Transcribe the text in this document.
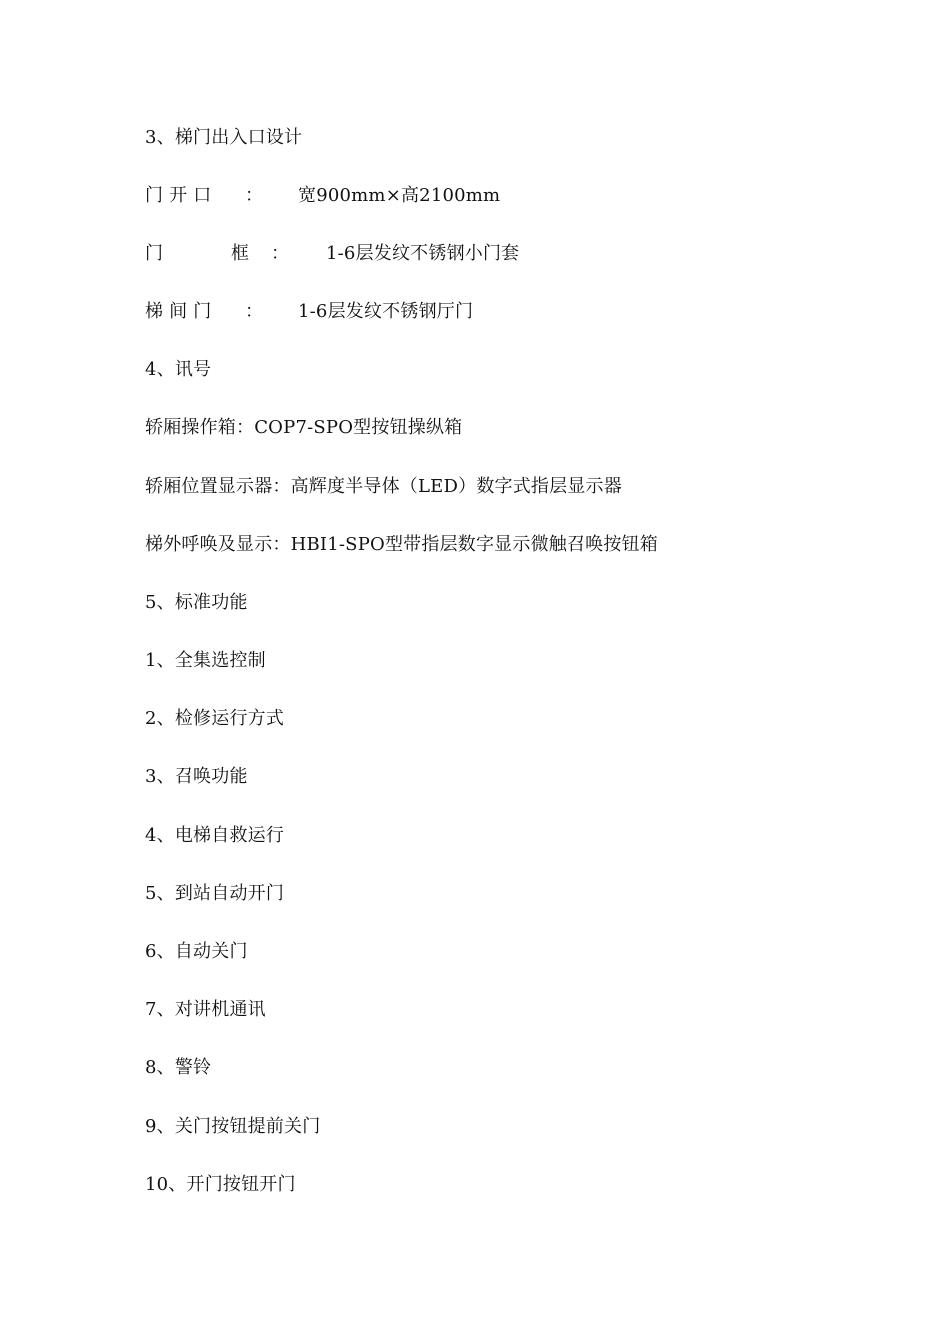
3、梯门出入口设计

门 开 口

：

宽900mm×高2100mm

门

	框

：

1-6层发纹不锈钢小门套

梯 间 门

：

1-6层发纹不锈钢厅门

4、讯号
轿厢操作箱：COP7-SPO型按钮操纵箱
轿厢位置显示器：高辉度半导体（LED）数字式指层显示器
梯外呼唤及显示：HBI1-SPO型带指层数字显示微触召唤按钮箱
5、标准功能
1、全集选控制
2、检修运行方式
3、召唤功能
4、电梯自救运行
5、到站自动开门
6、自动关门
7、对讲机通讯
8、警铃
9、关门按钮提前关门
10、开门按钮开门
